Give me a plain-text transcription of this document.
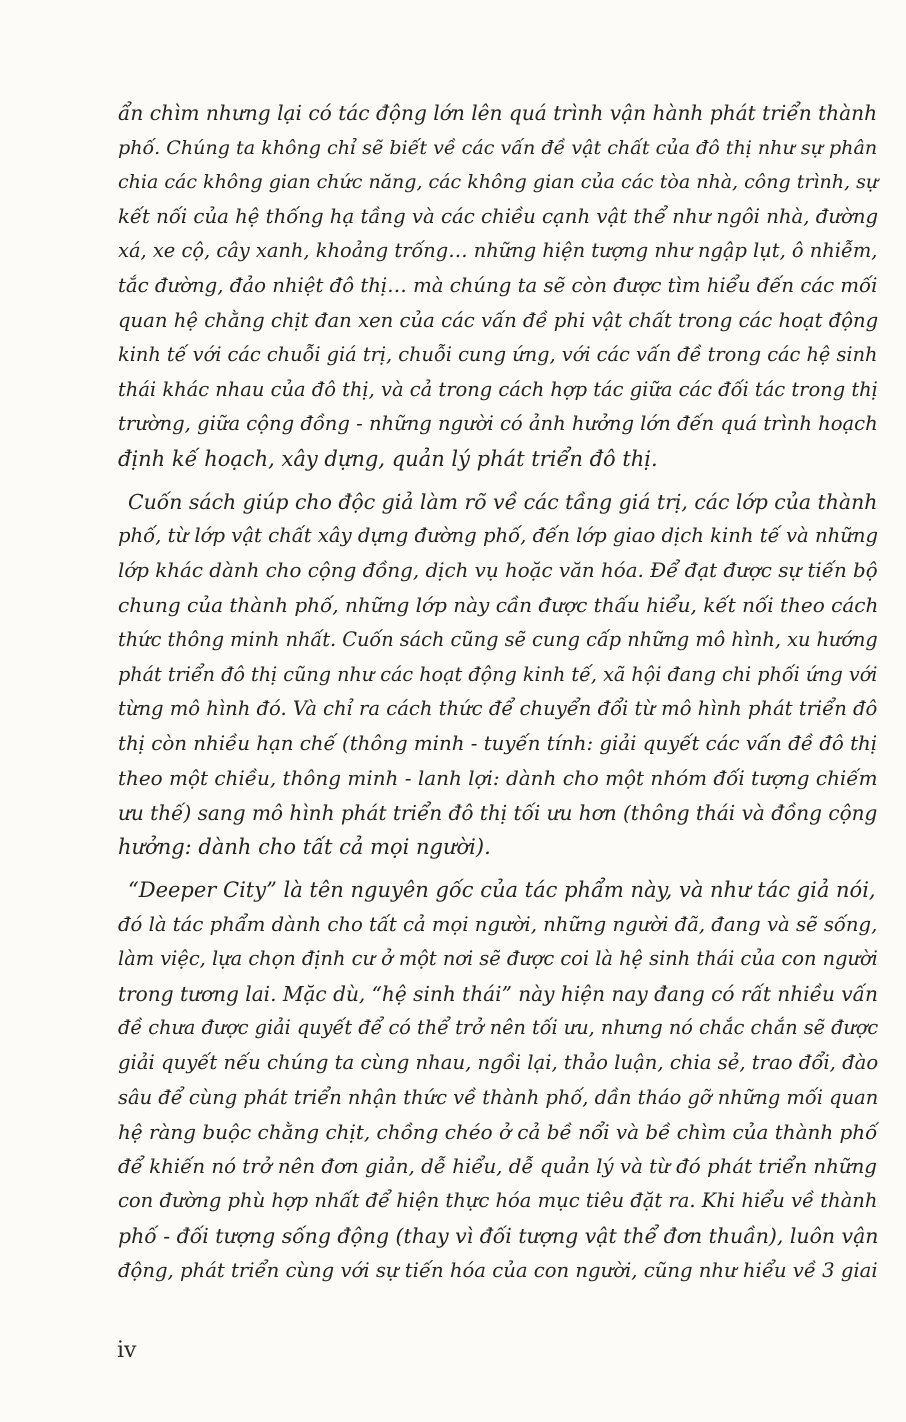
ẩn chìm nhưng lại có tác động lớn lên quá trình vận hành phát triển thành
phố. Chúng ta không chỉ sẽ biết về các vấn đề vật chất của đô thị như sự phân
chia các không gian chức năng, các không gian của các tòa nhà, công trình, sự
kết nối của hệ thống hạ tầng và các chiều cạnh vật thể như ngôi nhà, đường
xá, xe cộ, cây xanh, khoảng trống… những hiện tượng như ngập lụt, ô nhiễm,
tắc đường, đảo nhiệt đô thị… mà chúng ta sẽ còn được tìm hiểu đến các mối
quan hệ chằng chịt đan xen của các vấn đề phi vật chất trong các hoạt động
kinh tế với các chuỗi giá trị, chuỗi cung ứng, với các vấn đề trong các hệ sinh
thái khác nhau của đô thị, và cả trong cách hợp tác giữa các đối tác trong thị
trường, giữa cộng đồng - những người có ảnh hưởng lớn đến quá trình hoạch
định kế hoạch, xây dựng, quản lý phát triển đô thị.
Cuốn sách giúp cho độc giả làm rõ về các tầng giá trị, các lớp của thành
phố, từ lớp vật chất xây dựng đường phố, đến lớp giao dịch kinh tế và những
lớp khác dành cho cộng đồng, dịch vụ hoặc văn hóa. Để đạt được sự tiến bộ
chung của thành phố, những lớp này cần được thấu hiểu, kết nối theo cách
thức thông minh nhất. Cuốn sách cũng sẽ cung cấp những mô hình, xu hướng
phát triển đô thị cũng như các hoạt động kinh tế, xã hội đang chi phối ứng với
từng mô hình đó. Và chỉ ra cách thức để chuyển đổi từ mô hình phát triển đô
thị còn nhiều hạn chế (thông minh - tuyến tính: giải quyết các vấn đề đô thị
theo một chiều, thông minh - lanh lợi: dành cho một nhóm đối tượng chiếm
ưu thế) sang mô hình phát triển đô thị tối ưu hơn (thông thái và đồng cộng
hưởng: dành cho tất cả mọi người).
“Deeper City” là tên nguyên gốc của tác phẩm này, và như tác giả nói,
đó là tác phẩm dành cho tất cả mọi người, những người đã, đang và sẽ sống,
làm việc, lựa chọn định cư ở một nơi sẽ được coi là hệ sinh thái của con người
trong tương lai. Mặc dù, “hệ sinh thái” này hiện nay đang có rất nhiều vấn
đề chưa được giải quyết để có thể trở nên tối ưu, nhưng nó chắc chắn sẽ được
giải quyết nếu chúng ta cùng nhau, ngồi lại, thảo luận, chia sẻ, trao đổi, đào
sâu để cùng phát triển nhận thức về thành phố, dần tháo gỡ những mối quan
hệ ràng buộc chằng chịt, chồng chéo ở cả bề nổi và bề chìm của thành phố
để khiến nó trở nên đơn giản, dễ hiểu, dễ quản lý và từ đó phát triển những
con đường phù hợp nhất để hiện thực hóa mục tiêu đặt ra. Khi hiểu về thành
phố - đối tượng sống động (thay vì đối tượng vật thể đơn thuần), luôn vận
động, phát triển cùng với sự tiến hóa của con người, cũng như hiểu về 3 giai
iv
